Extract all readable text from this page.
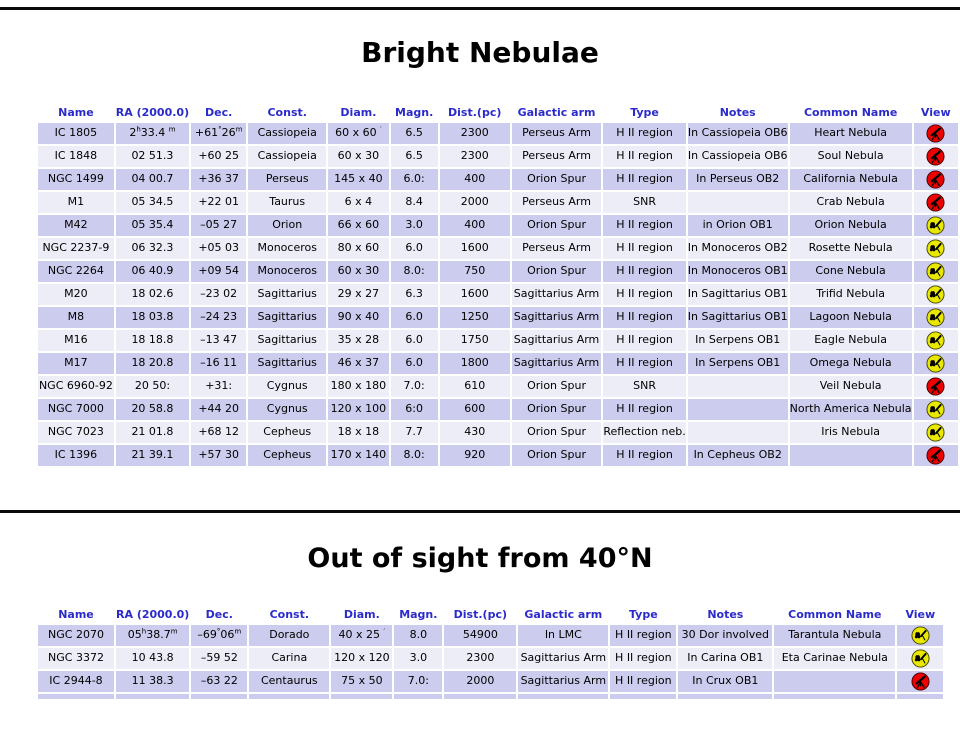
Bright Nebulae
Name	RA (2000.0)	Dec.	Const.	Diam.	Magn.	Dist.(pc)	Galactic arm	Type	Notes	Common Name	View
IC 1805	2$^h$33.4 $^m$	$+61^\circ 26^m$	Cassiopeia	60 x 60 ′	6.5	2300	Perseus Arm	H II region	In Cassiopeia OB6	Heart Nebula	

IC 1848	02 51.3	+60 25	Cassiopeia	60 x 30	6.5	2300	Perseus Arm	H II region	In Cassiopeia OB6	Soul Nebula	

NGC 1499	04 00.7	+36 37	Perseus	145 x 40	6.0:	400	Orion Spur	H II region	In Perseus OB2	California Nebula	

M1	05 34.5	+22 01	Taurus	6 x 4	8.4	2000	Perseus Arm	SNR		Crab Nebula	

M42	05 35.4	–05 27	Orion	66 x 60	3.0	400	Orion Spur	H II region	in Orion OB1	Orion Nebula	

NGC 2237-9	06 32.3	+05 03	Monoceros	80 x 60	6.0	1600	Perseus Arm	H II region	In Monoceros OB2	Rosette Nebula	

NGC 2264	06 40.9	+09 54	Monoceros	60 x 30	8.0:	750	Orion Spur	H II region	In Monoceros OB1	Cone Nebula	

M20	18 02.6	–23 02	Sagittarius	29 x 27	6.3	1600	Sagittarius Arm	H II region	In Sagittarius OB1	Trifid Nebula	

M8	18 03.8	–24 23	Sagittarius	90 x 40	6.0	1250	Sagittarius Arm	H II region	In Sagittarius OB1	Lagoon Nebula	

M16	18 18.8	–13 47	Sagittarius	35 x 28	6.0	1750	Sagittarius Arm	H II region	In Serpens OB1	Eagle Nebula	

M17	18 20.8	–16 11	Sagittarius	46 x 37	6.0	1800	Sagittarius Arm	H II region	In Serpens OB1	Omega Nebula	

NGC 6960-92	20 50:	+31:	Cygnus	180 x 180	7.0:	610	Orion Spur	SNR		Veil Nebula	

NGC 7000	20 58.8	+44 20	Cygnus	120 x 100	6:0	600	Orion Spur	H II region		North America Nebula	

NGC 7023	21 01.8	+68 12	Cepheus	18 x 18	7.7	430	Orion Spur	Reflection neb.		Iris Nebula	

IC 1396	21 39.1	+57 30	Cepheus	170 x 140	8.0:	920	Orion Spur	H II region	In Cepheus OB2		
Out of sight from 40°N
Name	RA (2000.0)	Dec.	Const.	Diam.	Magn.	Dist.(pc)	Galactic arm	Type	Notes	Common Name	View
NGC 2070	05$^h$38.7$^m$	–69°06$^m$	Dorado	40 x 25 ′	8.0	54900	In LMC	H II region	30 Dor involved	Tarantula Nebula	

NGC 3372	10 43.8	–59 52	Carina	120 x 120	3.0	2300	Sagittarius Arm	H II region	In Carina OB1	Eta Carinae Nebula	

IC 2944-8	11 38.3	–63 22	Centaurus	75 x 50	7.0:	2000	Sagittarius Arm	H II region	In Crux OB1		
